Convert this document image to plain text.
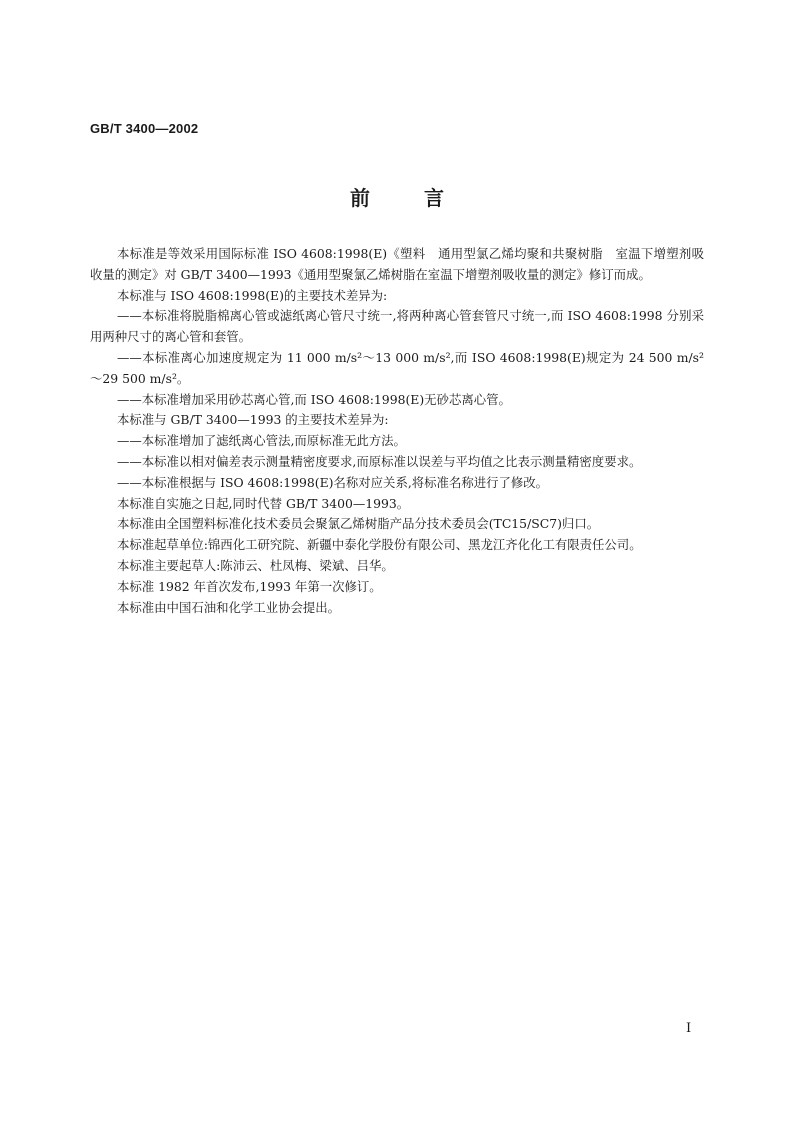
GB/T 3400—2002
前言

本标准是等效采用国际标准 ISO 4608:1998(E)《塑料　通用型氯乙烯均聚和共聚树脂　室温下增塑剂吸收量的测定》对 GB/T 3400—1993《通用型聚氯乙烯树脂在室温下增塑剂吸收量的测定》修订而成。

本标准与 ISO 4608:1998(E)的主要技术差异为:

——本标准将脱脂棉离心管或滤纸离心管尺寸统一,将两种离心管套管尺寸统一,而 ISO 4608:1998 分别采用两种尺寸的离心管和套管。

——本标准离心加速度规定为 11 000 m/s²～13 000 m/s²,而 ISO 4608:1998(E)规定为 24 500 m/s²～29 500 m/s²。

——本标准增加采用砂芯离心管,而 ISO 4608:1998(E)无砂芯离心管。

本标准与 GB/T 3400—1993 的主要技术差异为:

——本标准增加了滤纸离心管法,而原标准无此方法。

——本标准以相对偏差表示测量精密度要求,而原标准以误差与平均值之比表示测量精密度要求。

——本标准根据与 ISO 4608:1998(E)名称对应关系,将标准名称进行了修改。

本标准自实施之日起,同时代替 GB/T 3400—1993。

本标准由全国塑料标准化技术委员会聚氯乙烯树脂产品分技术委员会(TC15/SC7)归口。

本标准起草单位:锦西化工研究院、新疆中泰化学股份有限公司、黑龙江齐化化工有限责任公司。

本标准主要起草人:陈沛云、杜凤梅、梁斌、吕华。

本标准 1982 年首次发布,1993 年第一次修订。

本标准由中国石油和化学工业协会提出。

I
